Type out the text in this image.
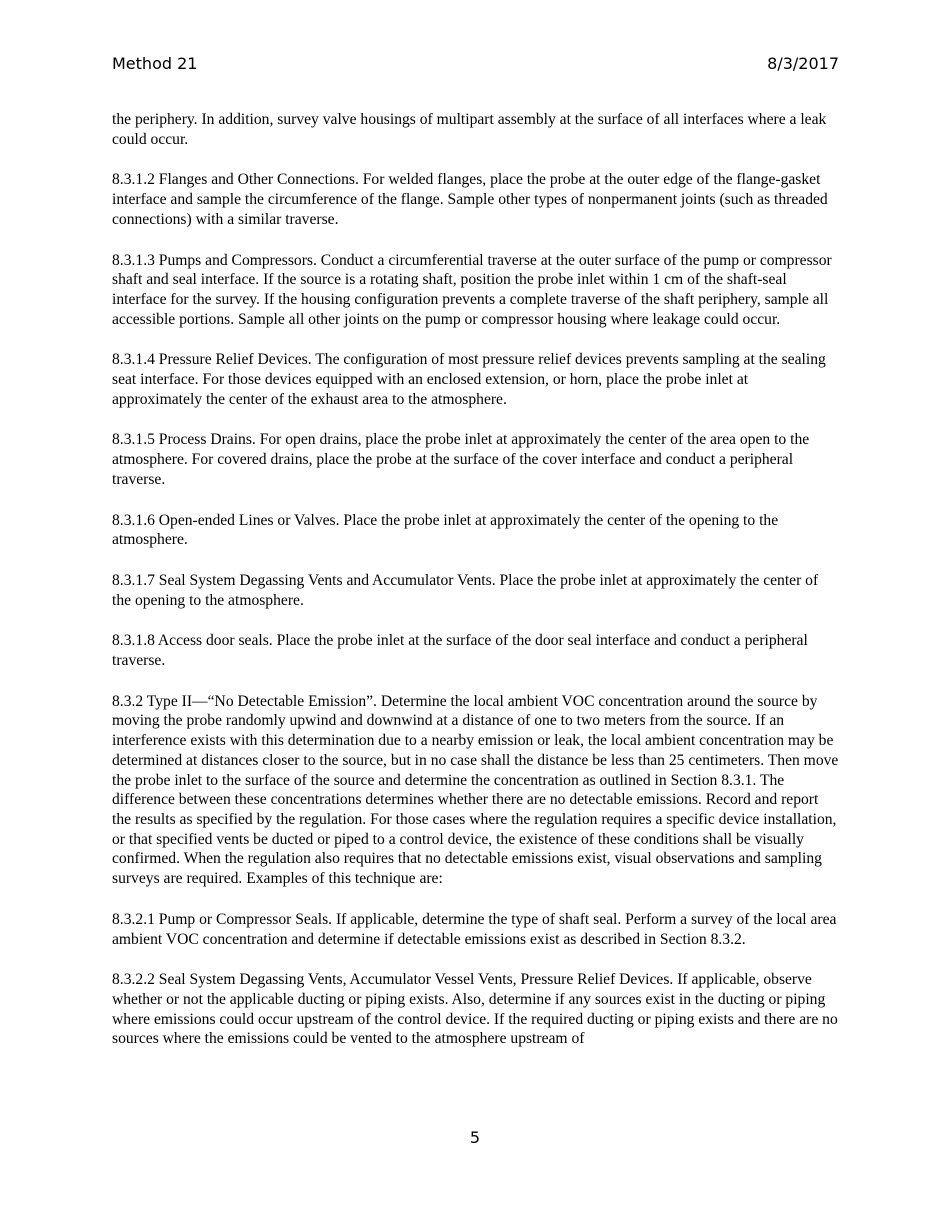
Method 21	8/3/2017

the periphery. In addition, survey valve housings of multipart assembly at the surface of all interfaces where a leak could occur.

8.3.1.2 Flanges and Other Connections. For welded flanges, place the probe at the outer edge of the flange-gasket interface and sample the circumference of the flange. Sample other types of nonpermanent joints (such as threaded connections) with a similar traverse.

8.3.1.3 Pumps and Compressors. Conduct a circumferential traverse at the outer surface of the pump or compressor shaft and seal interface. If the source is a rotating shaft, position the probe inlet within 1 cm of the shaft-seal interface for the survey. If the housing configuration prevents a complete traverse of the shaft periphery, sample all accessible portions. Sample all other joints on the pump or compressor housing where leakage could occur.

8.3.1.4 Pressure Relief Devices. The configuration of most pressure relief devices prevents sampling at the sealing seat interface. For those devices equipped with an enclosed extension, or horn, place the probe inlet at approximately the center of the exhaust area to the atmosphere.

8.3.1.5 Process Drains. For open drains, place the probe inlet at approximately the center of the area open to the atmosphere. For covered drains, place the probe at the surface of the cover interface and conduct a peripheral traverse.

8.3.1.6 Open-ended Lines or Valves. Place the probe inlet at approximately the center of the opening to the atmosphere.

8.3.1.7 Seal System Degassing Vents and Accumulator Vents. Place the probe inlet at approximately the center of the opening to the atmosphere.

8.3.1.8 Access door seals. Place the probe inlet at the surface of the door seal interface and conduct a peripheral traverse.

8.3.2 Type II—“No Detectable Emission”. Determine the local ambient VOC concentration around the source by moving the probe randomly upwind and downwind at a distance of one to two meters from the source. If an interference exists with this determination due to a nearby emission or leak, the local ambient concentration may be determined at distances closer to the source, but in no case shall the distance be less than 25 centimeters. Then move the probe inlet to the surface of the source and determine the concentration as outlined in Section 8.3.1. The difference between these concentrations determines whether there are no detectable emissions. Record and report the results as specified by the regulation. For those cases where the regulation requires a specific device installation, or that specified vents be ducted or piped to a control device, the existence of these conditions shall be visually confirmed. When the regulation also requires that no detectable emissions exist, visual observations and sampling surveys are required. Examples of this technique are:

8.3.2.1 Pump or Compressor Seals. If applicable, determine the type of shaft seal. Perform a survey of the local area ambient VOC concentration and determine if detectable emissions exist as described in Section 8.3.2.

8.3.2.2 Seal System Degassing Vents, Accumulator Vessel Vents, Pressure Relief Devices. If applicable, observe whether or not the applicable ducting or piping exists. Also, determine if any sources exist in the ducting or piping where emissions could occur upstream of the control device. If the required ducting or piping exists and there are no sources where the emissions could be vented to the atmosphere upstream of

5
